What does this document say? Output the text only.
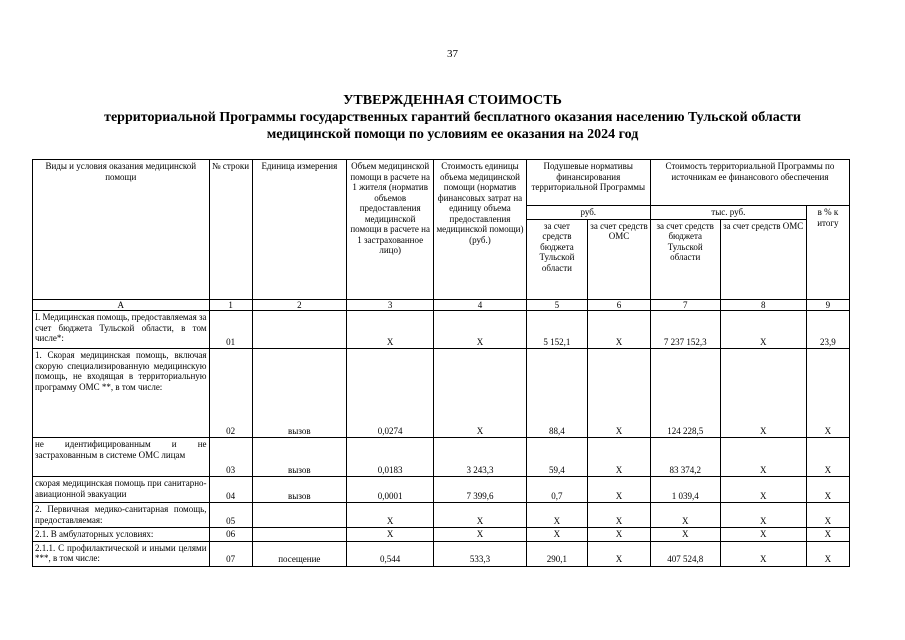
37
УТВЕРЖДЕННАЯ СТОИМОСТЬ
территориальной Программы государственных гарантий бесплатного оказания населению Тульской области
медицинской помощи по условиям ее оказания на 2024 год
Виды и условия оказания медицинской помощи	№ строки	Единица измерения	Объем медицинской помощи в расчете на 1 жителя (норматив объемов предоставления медицинской помощи в расчете на 1 застрахованное лицо)	Стоимость единицы объема медицинской помощи (норматив финансовых затрат на единицу объема предоставления медицинской помощи) (руб.)	Подушевые нормативы финансирования территориальной Программы		Стоимость территориальной Программы по источникам ее финансового обеспечения		
					руб.		тыс. руб.		в % к итогу
					за счет средств бюджета Тульской области	за счет средств ОМС	за счет средств бюджета Тульской области	за счет средств ОМС	
А	1	2	3	4	5	6	7	8	9
I. Медицинская помощь, предоставляемая за счет бюджета Тульской области, в том числе*:	01		Х	Х	5 152,1	Х	7 237 152,3	Х	23,9
1. Скорая медицинская помощь, включая скорую специализированную медицинскую помощь, не входящая в территориальную программу ОМС **, в том числе:	02	вызов	0,0274	Х	88,4	Х	124 228,5	Х	Х
не идентифицированным и не застрахованным в системе ОМС лицам	03	вызов	0,0183	3 243,3	59,4	Х	83 374,2	Х	Х
скорая медицинская помощь при санитарно-авиационной эвакуации	04	вызов	0,0001	7 399,6	0,7	Х	1 039,4	Х	Х
2. Первичная медико-санитарная помощь, предоставляемая:	05		Х	Х	Х	Х	Х	Х	Х
2.1. В амбулаторных условиях:	06		Х	Х	Х	Х	Х	Х	Х
2.1.1. С профилактической и иными целями ***, в том числе:	07	посещение	0,544	533,3	290,1	Х	407 524,8	Х	Х
